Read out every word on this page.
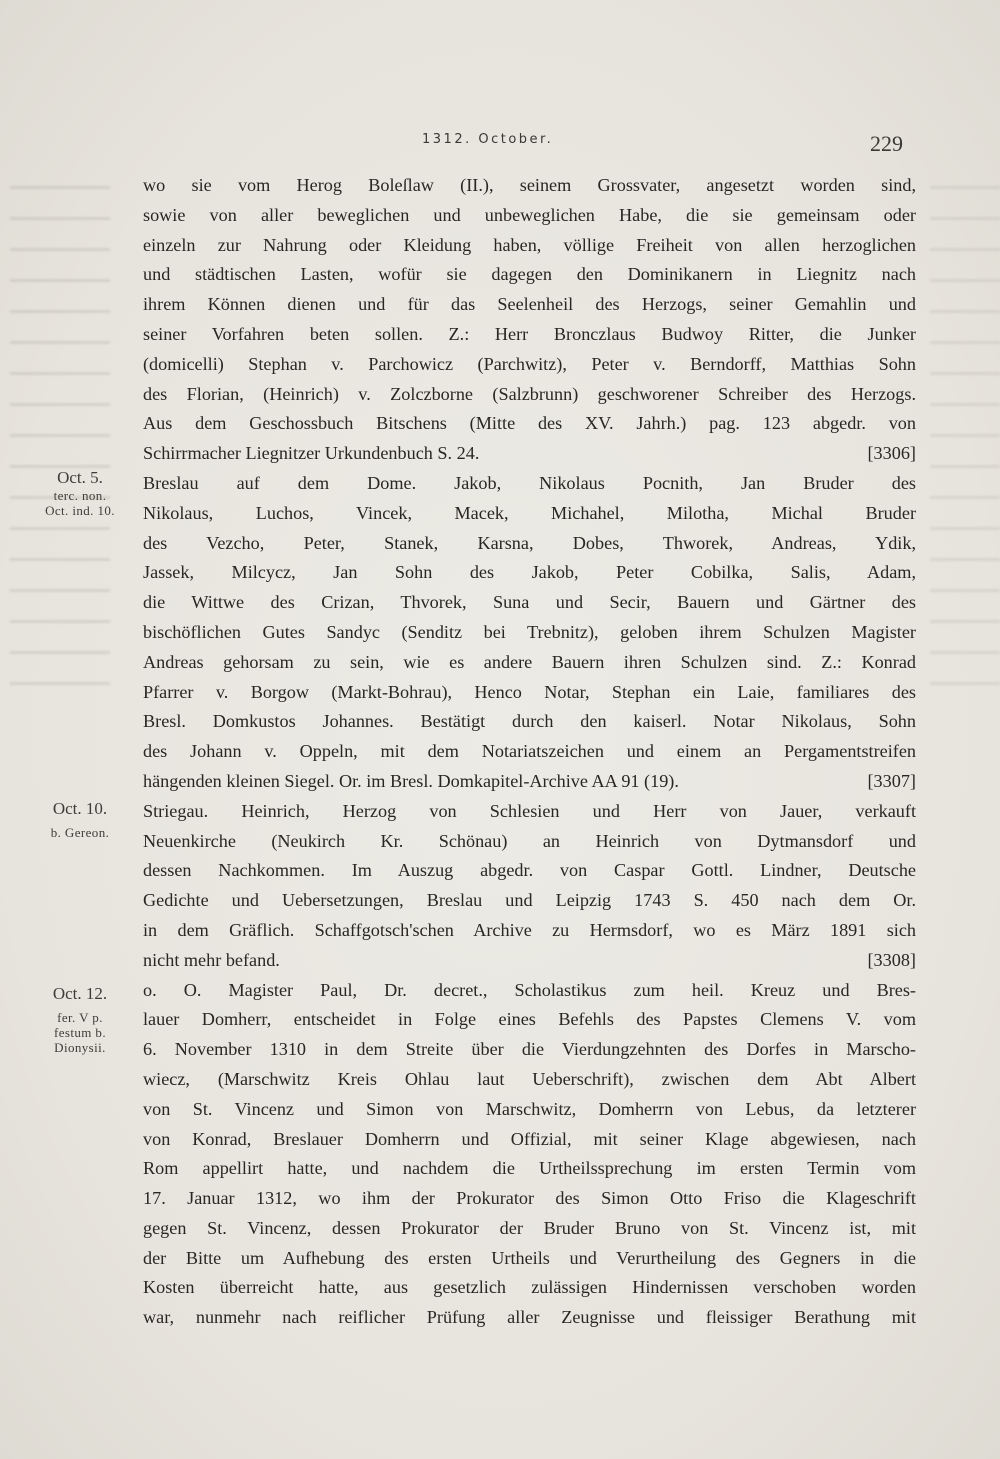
1312. October.	229
Oct. 5.
terc. non.
Oct. ind. 10.
Oct. 10.
b. Gereon.
Oct. 12.
fer. V p.
festum b.
Dionysii.
wo sie vom Herog Boleſlaw (II.), seinem Grossvater, angesetzt worden sind,
sowie von aller beweglichen und unbeweglichen Habe, die sie gemeinsam oder
einzeln zur Nahrung oder Kleidung haben, völlige Freiheit von allen herzoglichen
und städtischen Lasten, wofür sie dagegen den Dominikanern in Liegnitz nach
ihrem Können dienen und für das Seelenheil des Herzogs, seiner Gemahlin und
seiner Vorfahren beten sollen. Z.: Herr Bronczlaus Budwoy Ritter, die Junker
(domicelli) Stephan v. Parchowicz (Parchwitz), Peter v. Berndorff, Matthias Sohn
des Florian, (Heinrich) v. Zolczborne (Salzbrunn) geschworener Schreiber des Herzogs.
Aus dem Geschossbuch Bitschens (Mitte des XV. Jahrh.) pag. 123 abgedr. von
Schirrmacher Liegnitzer Urkundenbuch S. 24.	[3306]
Breslau auf dem Dome. Jakob, Nikolaus Pocnith, Jan Bruder des
Nikolaus, Luchos, Vincek, Macek, Michahel, Milotha, Michal Bruder
des Vezcho, Peter, Stanek, Karsna, Dobes, Thworek, Andreas, Ydik,
Jassek, Milcycz, Jan Sohn des Jakob, Peter Cobilka, Salis, Adam,
die Wittwe des Crizan, Thvorek, Suna und Secir, Bauern und Gärtner des
bischöflichen Gutes Sandyc (Senditz bei Trebnitz), geloben ihrem Schulzen Magister
Andreas gehorsam zu sein, wie es andere Bauern ihren Schulzen sind. Z.: Konrad
Pfarrer v. Borgow (Markt-Bohrau), Henco Notar, Stephan ein Laie, familiares des
Bresl. Domkustos Johannes. Bestätigt durch den kaiserl. Notar Nikolaus, Sohn
des Johann v. Oppeln, mit dem Notariatszeichen und einem an Pergamentstreifen
hängenden kleinen Siegel. Or. im Bresl. Domkapitel-Archive AA 91 (19).	[3307]
Striegau. Heinrich, Herzog von Schlesien und Herr von Jauer, verkauft
Neuenkirche (Neukirch Kr. Schönau) an Heinrich von Dytmansdorf und
dessen Nachkommen. Im Auszug abgedr. von Caspar Gottl. Lindner, Deutsche
Gedichte und Uebersetzungen, Breslau und Leipzig 1743 S. 450 nach dem Or.
in dem Gräflich. Schaffgotsch'schen Archive zu Hermsdorf, wo es März 1891 sich
nicht mehr befand.	[3308]
o. O. Magister Paul, Dr. decret., Scholastikus zum heil. Kreuz und Bres-
lauer Domherr, entscheidet in Folge eines Befehls des Papstes Clemens V. vom
6. November 1310 in dem Streite über die Vierdungzehnten des Dorfes in Marscho-
wiecz, (Marschwitz Kreis Ohlau laut Ueberschrift), zwischen dem Abt Albert
von St. Vincenz und Simon von Marschwitz, Domherrn von Lebus, da letzterer
von Konrad, Breslauer Domherrn und Offizial, mit seiner Klage abgewiesen, nach
Rom appellirt hatte, und nachdem die Urtheilssprechung im ersten Termin vom
17. Januar 1312, wo ihm der Prokurator des Simon Otto Friso die Klageschrift
gegen St. Vincenz, dessen Prokurator der Bruder Bruno von St. Vincenz ist, mit
der Bitte um Aufhebung des ersten Urtheils und Verurtheilung des Gegners in die
Kosten überreicht hatte, aus gesetzlich zulässigen Hindernissen verschoben worden
war, nunmehr nach reiflicher Prüfung aller Zeugnisse und fleissiger Berathung mit
